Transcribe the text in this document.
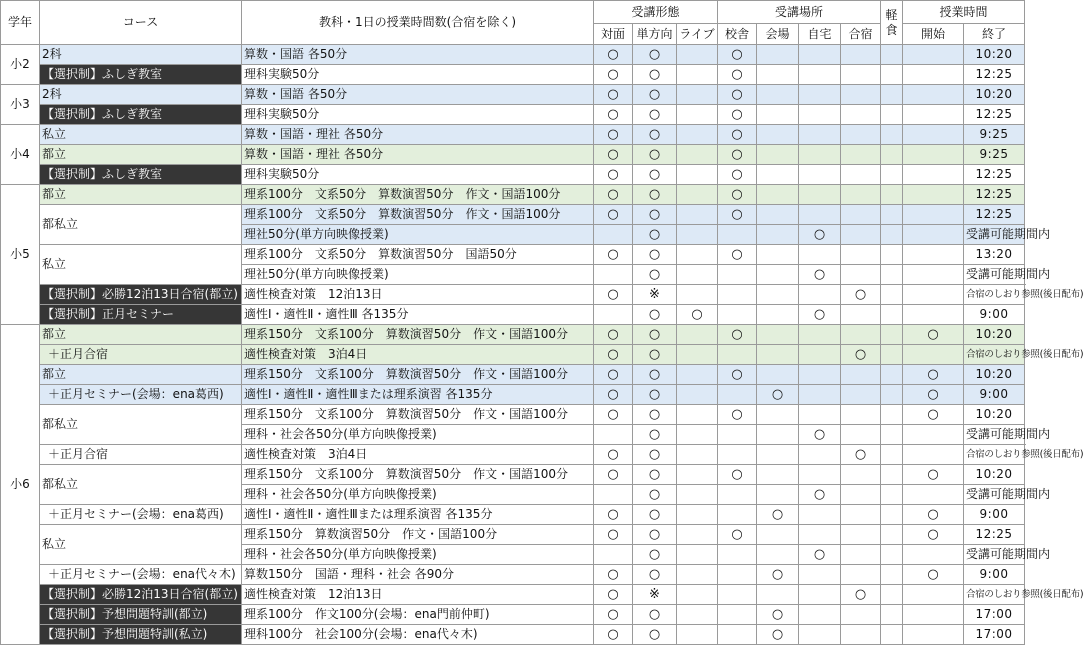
学年	コース	教科・1日の授業時間数(合宿を除く)	受講形態			受講場所				軽食	授業時間		
			対面	単方向	ライブ	校舎	会場	自宅	合宿		開始	終了	
小2	2科	算数・国語 各50分	○	○		○						10:20	
	【選択制】ふしぎ教室	理科実験50分	○	○		○						12:25	
小3	2科	算数・国語 各50分	○	○		○						10:20	
	【選択制】ふしぎ教室	理科実験50分	○	○		○						12:25	
小4	私立	算数・国語・理社 各50分	○	○		○						9:25	
	都立	算数・国語・理社 各50分	○	○		○						9:25	
	【選択制】ふしぎ教室	理科実験50分	○	○		○						12:25	
小5	都立	理系100分　文系50分　算数演習50分　作文・国語100分	○	○		○						12:25	
	都私立	理系100分　文系50分　算数演習50分　作文・国語100分	○	○		○						12:25	
		理社50分(単方向映像授業)		○				○				受講可能期間内	
	私立	理系100分　文系50分　算数演習50分　国語50分	○	○		○						13:20	
		理社50分(単方向映像授業)		○				○				受講可能期間内	
	【選択制】必勝12泊13日合宿(都立)	適性検査対策　12泊13日	○	※					○			合宿のしおり参照(後日配布)	
	【選択制】正月セミナー	適性Ⅰ・適性Ⅱ・適性Ⅲ 各135分		○	○			○				9:00	
小6	都立	理系150分　文系100分　算数演習50分　作文・国語100分	○	○		○					○	10:20	
	＋正月合宿	適性検査対策　3泊4日	○	○					○			合宿のしおり参照(後日配布)	
	都立	理系150分　文系100分　算数演習50分　作文・国語100分	○	○		○					○	10:20	
	＋正月セミナー(会場：ena葛西)	適性Ⅰ・適性Ⅱ・適性Ⅲまたは理系演習 各135分	○	○			○				○	9:00	
	都私立	理系150分　文系100分　算数演習50分　作文・国語100分	○	○		○					○	10:20	
		理科・社会各50分(単方向映像授業)		○				○				受講可能期間内	
	＋正月合宿	適性検査対策　3泊4日	○	○					○			合宿のしおり参照(後日配布)	
	都私立	理系150分　文系100分　算数演習50分　作文・国語100分	○	○		○					○	10:20	
		理科・社会各50分(単方向映像授業)		○				○				受講可能期間内	
	＋正月セミナー(会場：ena葛西)	適性Ⅰ・適性Ⅱ・適性Ⅲまたは理系演習 各135分	○	○			○				○	9:00	
	私立	理系150分　算数演習50分　作文・国語100分	○	○		○					○	12:25	
		理科・社会各50分(単方向映像授業)		○				○				受講可能期間内	
	＋正月セミナー(会場：ena代々木)	算数150分　国語・理科・社会 各90分	○	○			○				○	9:00	
	【選択制】必勝12泊13日合宿(都立)	適性検査対策　12泊13日	○	※					○			合宿のしおり参照(後日配布)	
	【選択制】予想問題特訓(都立)	理系100分　作文100分(会場：ena門前仲町)	○	○			○					17:00	
	【選択制】予想問題特訓(私立)	理科100分　社会100分(会場：ena代々木)	○	○			○					17:00	
